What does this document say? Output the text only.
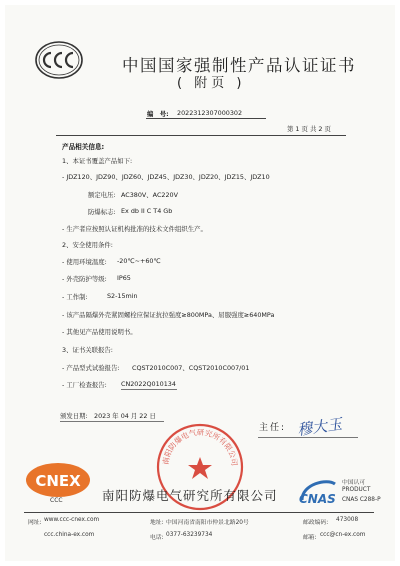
中国国家强制性产品认证证书
( 附页 )
编　号: 2022312307000302
第 1 页 共 2 页
产品相关信息:
1、本证书覆盖产品如下:
- JDZ120、JDZ90、JDZ60、JDZ45、JDZ30、JDZ20、JDZ15、JDZ10
额定电压: AC380V、AC220V
防爆标志: Ex db II C T4 Gb
- 生产者应按照认证机构批准的技术文件组织生产。
2、安全使用条件:
- 使用环境温度: -20℃~+60℃
- 外壳防护等级: IP65
- 工作制:	S2-15min
- 该产品隔爆外壳紧固螺栓应保证抗拉强度≥800MPa、屈服强度≥640MPa
- 其他见产品使用说明书。
3、证书关联报告:
- 产品型式试验报告: CQST2010C007、CQST2010C007/01
- 工厂检查报告: CN2022Q010134
颁发日期: 2023 年 04 月 22 日
主任: 穆大玉
南阳防爆电气研究所有限公司
CNEX
CCC	南阳防爆电气研究所有限公司 CNAS
中国认可
PRODUCT
CNAS C288-P
网址: www.ccc-cnex.com	地址: 中国河南省南阳市仲景北路20号	邮政编码: 473008
ccc.china-ex.com	电话: 0377-63239734	邮箱: ccc@cn-ex.com
